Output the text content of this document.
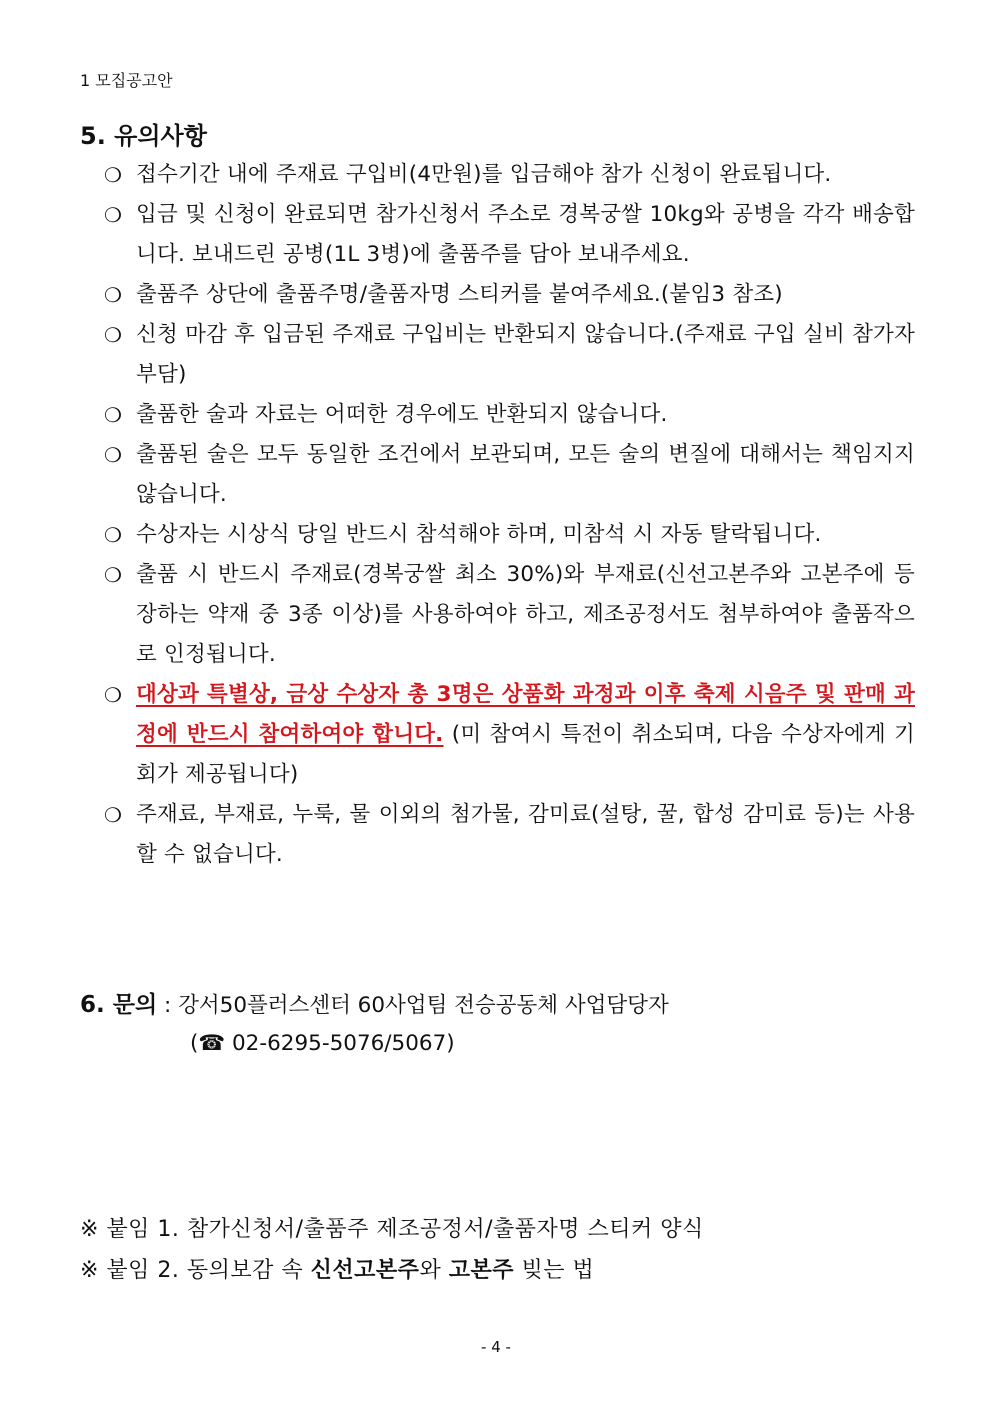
1 모집공고안
5. 유의사항
❍ 접수기간 내에 주재료 구입비(4만원)를 입금해야 참가 신청이 완료됩니다.
❍ 입금 및 신청이 완료되면 참가신청서 주소로 경복궁쌀 10kg와 공병을 각각 배송합니다. 보내드린 공병(1L 3병)에 출품주를 담아 보내주세요.
❍ 출품주 상단에 출품주명/출품자명 스티커를 붙여주세요.(붙임3 참조)
❍ 신청 마감 후 입금된 주재료 구입비는 반환되지 않습니다.(주재료 구입 실비 참가자 부담)
❍ 출품한 술과 자료는 어떠한 경우에도 반환되지 않습니다.
❍ 출품된 술은 모두 동일한 조건에서 보관되며, 모든 술의 변질에 대해서는 책임지지 않습니다.
❍ 수상자는 시상식 당일 반드시 참석해야 하며, 미참석 시 자동 탈락됩니다.
❍ 출품 시 반드시 주재료(경복궁쌀 최소 30%)와 부재료(신선고본주와 고본주에 등장하는 약재 중 3종 이상)를 사용하여야 하고, 제조공정서도 첨부하여야 출품작으로 인정됩니다.
❍ 대상과 특별상, 금상 수상자 총 3명은 상품화 과정과 이후 축제 시음주 및 판매 과정에 반드시 참여하여야 합니다. (미 참여시 특전이 취소되며, 다음 수상자에게 기회가 제공됩니다)
❍ 주재료, 부재료, 누룩, 물 이외의 첨가물, 감미료(설탕, 꿀, 합성 감미료 등)는 사용할 수 없습니다.
6. 문의 : 강서50플러스센터 60사업팀 전승공동체 사업담당자
(☎ 02-6295-5076/5067)
※ 붙임 1. 참가신청서/출품주 제조공정서/출품자명 스티커 양식
※ 붙임 2. 동의보감 속 신선고본주와 고본주 빚는 법
- 4 -
